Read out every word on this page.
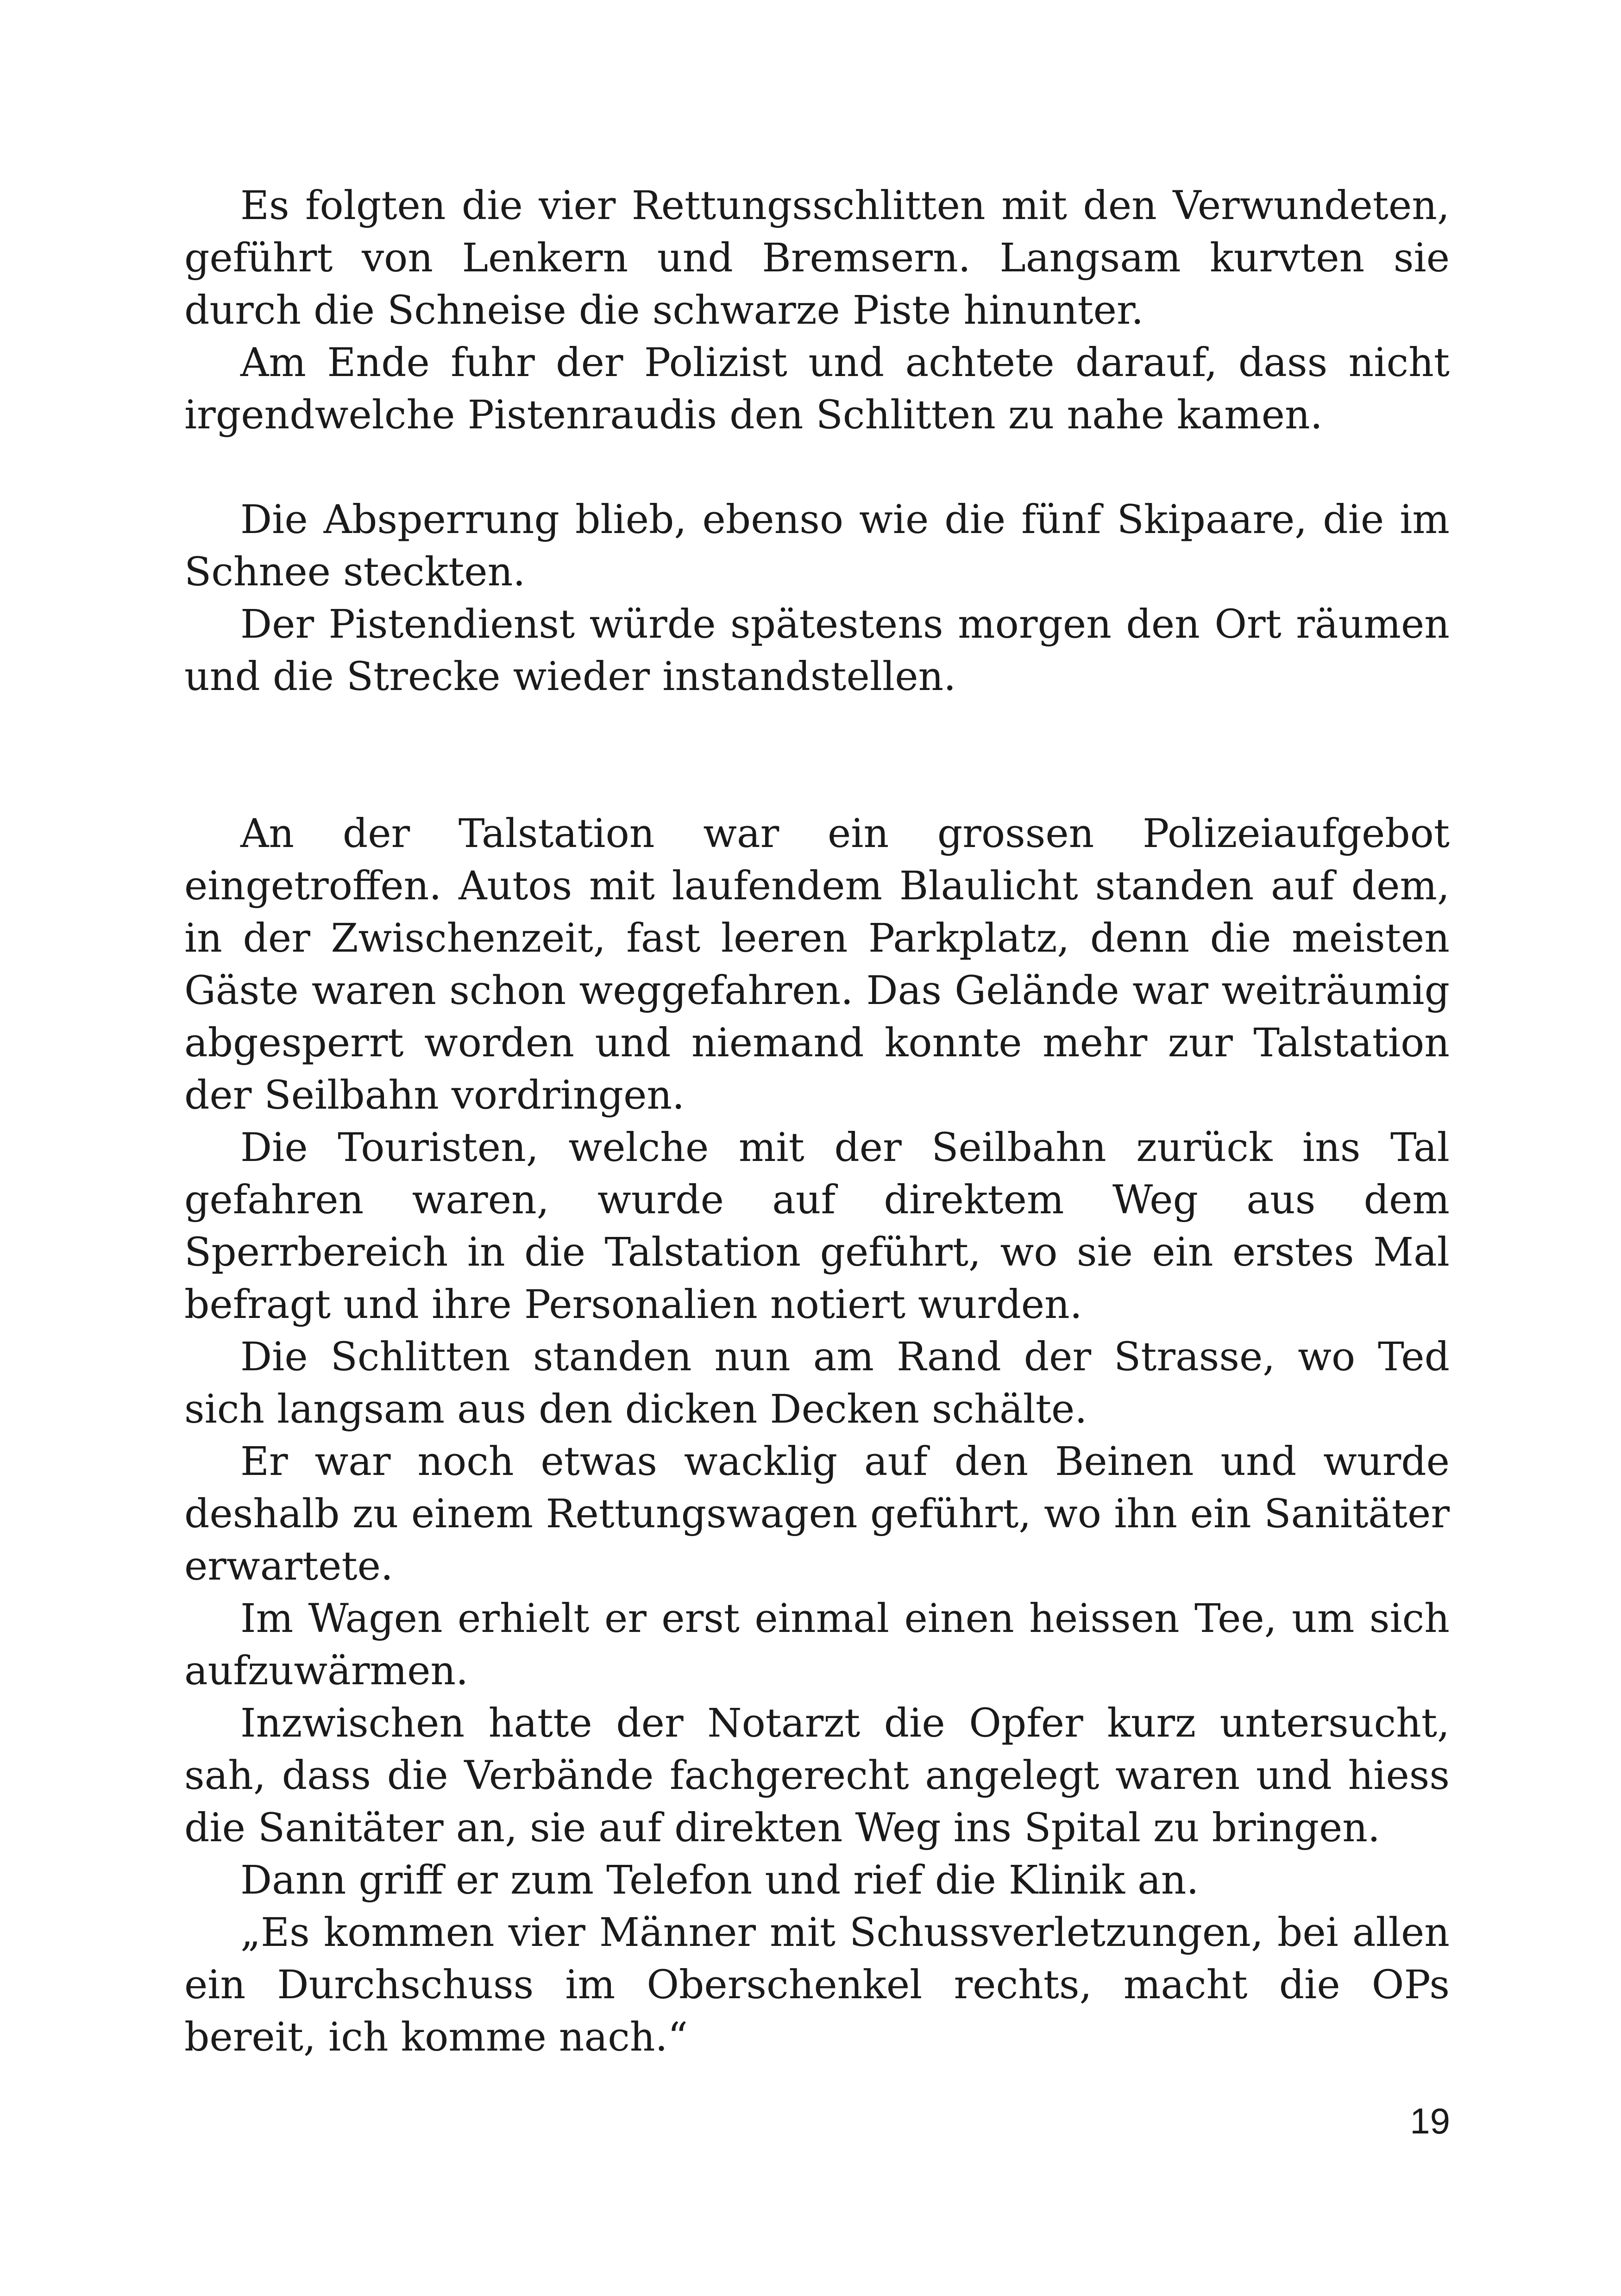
Es folgten die vier Rettungsschlitten mit den Verwundeten, geführt von Lenkern und Bremsern. Langsam kurvten sie durch die Schneise die schwarze Piste hinunter.

Am Ende fuhr der Polizist und achtete darauf, dass nicht irgendwelche Pistenraudis den Schlitten zu nahe kamen.

Die Absperrung blieb, ebenso wie die fünf Skipaare, die im Schnee steckten.

Der Pistendienst würde spätestens morgen den Ort räumen und die Strecke wieder instandstellen.

An der Talstation war ein grossen Polizeiaufgebot eingetroffen. Autos mit laufendem Blaulicht standen auf dem, in der Zwischenzeit, fast leeren Parkplatz, denn die meisten Gäste waren schon weggefahren. Das Gelände war weiträumig abgesperrt worden und niemand konnte mehr zur Talstation der Seilbahn vordringen.

Die Touristen, welche mit der Seilbahn zurück ins Tal gefahren waren, wurde auf direktem Weg aus dem Sperrbereich in die Talstation geführt, wo sie ein erstes Mal befragt und ihre Personalien notiert wurden.

Die Schlitten standen nun am Rand der Strasse, wo Ted sich langsam aus den dicken Decken schälte.

Er war noch etwas wacklig auf den Beinen und wurde deshalb zu einem Rettungswagen geführt, wo ihn ein Sanitäter erwartete.

Im Wagen erhielt er erst einmal einen heissen Tee, um sich aufzuwärmen.

Inzwischen hatte der Notarzt die Opfer kurz untersucht, sah, dass die Verbände fachgerecht angelegt waren und hiess die Sanitäter an, sie auf direkten Weg ins Spital zu bringen.

Dann griff er zum Telefon und rief die Klinik an.

„Es kommen vier Männer mit Schussverletzungen, bei allen ein Durchschuss im Oberschenkel rechts, macht die OPs bereit, ich komme nach.“

19
